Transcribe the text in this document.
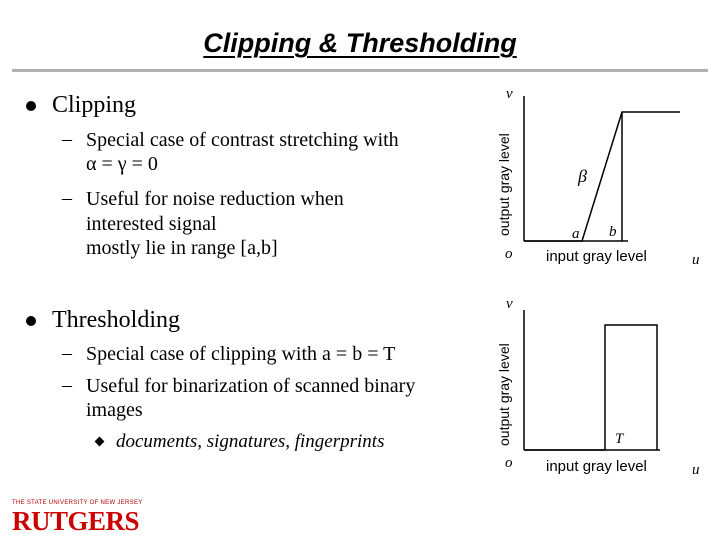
Clipping & Thresholding
Clipping
– Special case of contrast stretching with
α = γ = 0
– Useful for noise reduction when
interested signal
mostly lie in range [a,b]
Thresholding
– Special case of clipping with a = b = T
– Useful for binarization of scanned binary
images
documents, signatures, fingerprints
v
output gray level	β
a b
o input gray level	u
v
output gray level	T
o input gray level	u
THE STATE UNIVERSITY OF NEW JERSEY
RUTGERS
